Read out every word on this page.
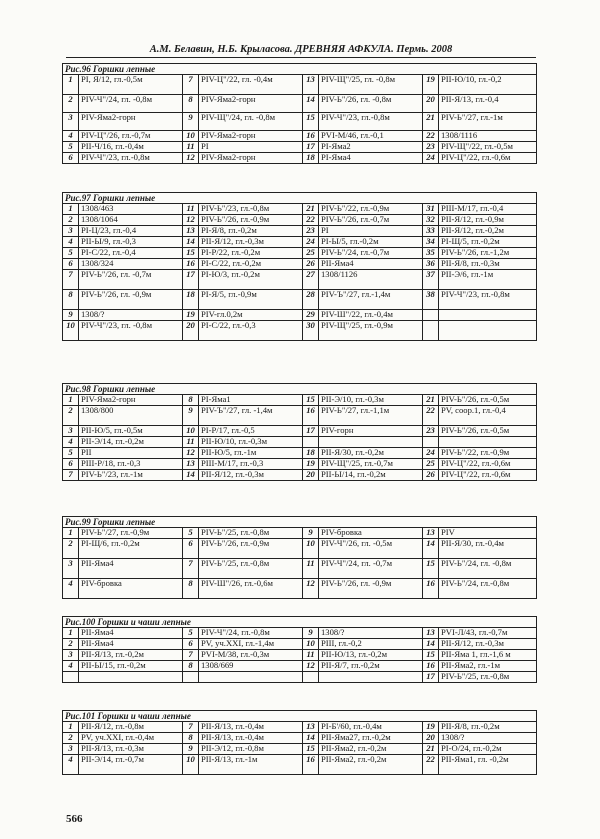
А.М. Белавин, Н.Б. Крыласова. ДРЕВНЯЯ АФКУЛА. Пермь. 2008
Рис.96 Горшки лепные							
1	PI, Я/12, гл.-0,5м	7	PIV-Ц"/22, гл. -0,4м	13	PIV-Щ"/25, гл. -0,8м	19	PII-Ю/10, гл.-0,2
2	PIV-Ч"/24, гл. -0,8м	8	PIV-Яма2-горн	14	PIV-Ь"/26, гл. -0,8м	20	PII-Я/13, гл.-0,4
3	PIV-Яма2-горн	9	PIV-Щ"/24, гл. -0,8м	15	PIV-Ч"/23, гл.-0,8м	21	PIV-Ь"/27, гл.-1м
4	PIV-Ц"/26, гл.-0,7м	10	PIV-Яма2-горн	16	PVI-М/46, гл.-0,1	22	1308/1116
5	PII-Ч/16, гл.-0,4м	11	PI	17	PI-Яма2	23	PIV-Щ"/22, гл.-0,5м
6	PIV-Ч"/23, гл.-0,8м	12	PIV-Яма2-горн	18	PI-Яма4	24	PIV-Ц"/22, гл.-0,6м
Рис.97 Горшки лепные							
1	1308/463	11	PIV-Ь"/23, гл.-0,8м	21	PIV-Ь"/22, гл.-0,9м	31	PIII-М/17, гл.-0,4
2	1308/1064	12	PIV-Ь"/26, гл.-0,9м	22	PIV-Ь"/26, гл.-0,7м	32	PII-Я/12, гл.-0,9м
3	PI-Ц/23, гл.-0,4	13	PI-Я/8, гл.-0,2м	23	PI	33	PII-Я/12, гл.-0,2м
4	PII-Ы/9, гл.-0,3	14	PII-Я/12, гл.-0,3м	24	PI-Ы/5, гл.-0,2м	34	PI-Щ/5, гл.-0,2м
5	PI-С/22, гл.-0,4	15	PI-Р/22, гл.-0,2м	25	PIV-Ь"/24, гл.-0,7м	35	PIV-Ь"/26, гл.-1,2м
6	1308/324	16	PI-С/22, гл.-0,2м	26	PII-Яма4	36	PII-Я/8, гл.-0,3м
7	PIV-Ь"/26, гл. -0,7м	17	PI-Ю/3, гл.-0,2м	27	1308/1126	37	PII-Э/6, гл.-1м
8	PIV-Ь"/26, гл. -0,9м	18	PI-Я/5, гл.-0,9м	28	PIV-Ъ"/27, гл.-1,4м	38	PIV-Ч"/23, гл.-0,8м
9	1308/?	19	PIV-гл.0,2м	29	PIV-Ш"/22, гл.-0,4м		
10	PIV-Ч"/23, гл. -0,8м	20	PI-С/22, гл.-0,3	30	PIV-Щ"/25, гл.-0,9м		
Рис.98 Горшки лепные							
1	PIV-Яма2-горн	8	PI-Яма1	15	PII-Э/10, гл.-0,3м	21	PIV-Ь"/26, гл.-0,5м
2	1308/800	9	PIV-Ъ"/27, гл. -1,4м	16	PIV-Ь"/27, гл.-1,1м	22	PV, соор.1, гл.-0,4
3	PII-Ю/5, гл.-0,5м	10	PI-Р/17, гл.-0,5	17	PIV-горн	23	PIV-Ь"/26, гл.-0,5м
4	PII-Э/14, гл.-0,2м	11	PII-Ю/10, гл.-0,3м				
5	PII	12	PII-Ю/5, гл.-1м	18	PII-Я/30, гл.-0,2м	24	PIV-Ь"/22, гл.-0,9м
6	PIII-Р/18, гл.-0,3	13	PIII-М/17, гл.-0,3	19	PIV-Щ"/25, гл.-0,7м	25	PIV-Ц"/22, гл.-0,6м
7	PIV-Ь"/23, гл.-1м	14	PII-Я/12, гл.-0,3м	20	PII-Ы/14, гл.-0,2м	26	PIV-Ц"/22, гл.-0,6м
Рис.99 Горшки лепные							
1	PIV-Ь"/27, гл.-0,9м	5	PIV-Ь"/25, гл.-0,8м	9	PIV-бровка	13	PIV
2	PI-Щ/6, гл.-0,2м	6	PIV-Ь"/26, гл.-0,9м	10	PIV-Ч"/26, гл. -0,5м	14	PII-Я/30, гл.-0,4м
3	PII-Яма4	7	PIV-Ь"/25, гл.-0,8м	11	PIV-Ч"/24, гл. -0,7м	15	PIV-Ь"/24, гл. -0,8м
4	PIV-бровка	8	PIV-Ш"/26, гл.-0,6м	12	PIV-Ь"/26, гл. -0,9м	16	PIV-Ь"/24, гл.-0,8м
Рис.100 Горшки и чаши лепные							
1	PII-Яма4	5	PIV-Ч"/24, гл.-0,8м	9	1308/?	13	PVI-Л/43, гл.-0,7м
2	PII-Яма4	6	PV, уч.XXI, гл.-1,4м	10	PIII, гл.-0,2	14	PII-Я/12, гл.-0,3м
3	PII-Я/13, гл.-0,2м	7	PVI-М/38, гл.-0,3м	11	PII-Ю/13, гл.-0,2м	15	PII-Яма 1, гл.-1,6 м
4	PII-Ы/15, гл.-0,2м	8	1308/669	12	PII-Я/7, гл.-0,2м	16	PII-Яма2, гл.-1м
						17	PIV-Ь"/25, гл.-0,8м
Рис.101 Горшки и чаши лепные							
1	PII-Я/12, гл.-0,8м	7	PII-Я/13, гл.-0,4м	13	PI-Б'/60, гл.-0,4м	19	PII-Я/8, гл.-0,2м
2	PV, уч.XXI, гл.-0,4м	8	PII-Я/13, гл.-0,4м	14	PII-Яма27, гл.-0,2м	20	1308/?
3	PII-Я/13, гл.-0,3м	9	PII-Э/12, гл.-0,8м	15	PII-Яма2, гл.-0,2м	21	PI-О/24, гл.-0,2м
4	PII-Э/14, гл.-0,7м	10	PII-Я/13, гл.-1м	16	PII-Яма2, гл.-0,2м	22	PII-Яма1, гл. -0,2м
566
